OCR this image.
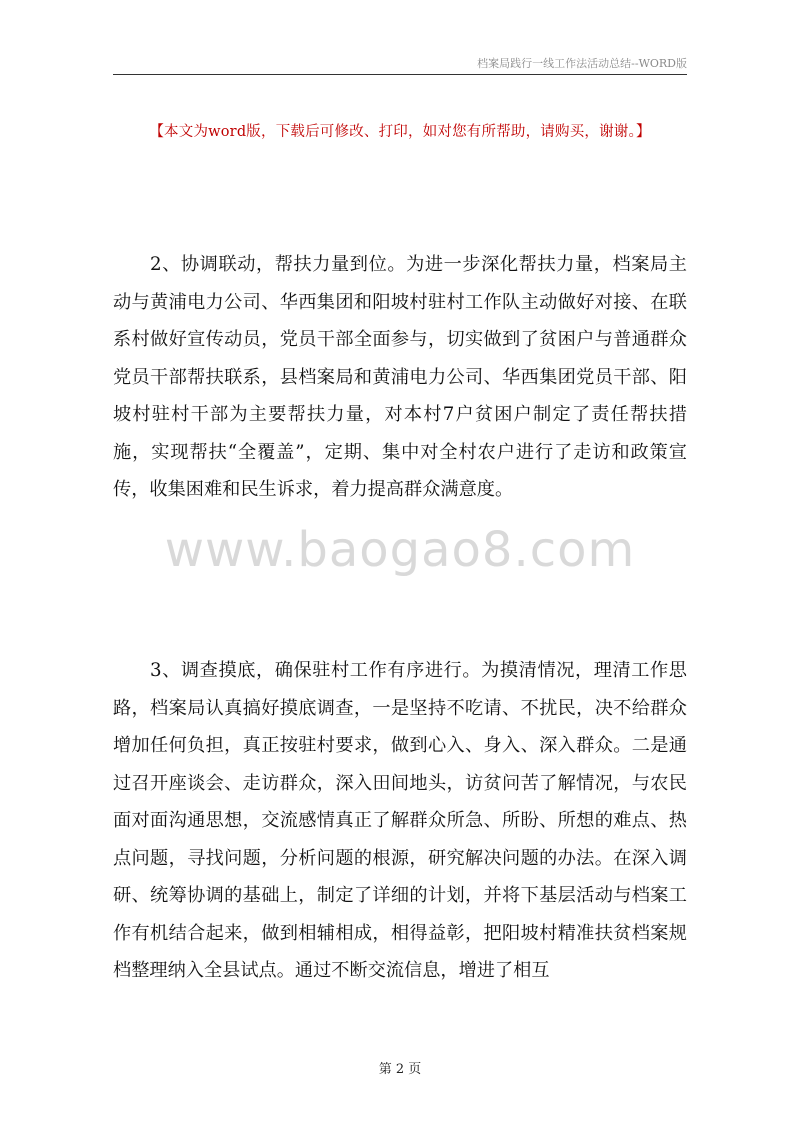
档案局践行一线工作法活动总结--WORD版
【本文为word版，下载后可修改、打印，如对您有所帮助，请购买，谢谢。】

2、协调联动，帮扶力量到位。为进一步深化帮扶力量，档案局主动与黄浦电力公司、华西集团和阳坡村驻村工作队主动做好对接、在联系村做好宣传动员，党员干部全面参与，切实做到了贫困户与普通群众党员干部帮扶联系，县档案局和黄浦电力公司、华西集团党员干部、阳坡村驻村干部为主要帮扶力量，对本村7户贫困户制定了责任帮扶措施，实现帮扶“全覆盖”，定期、集中对全村农户进行了走访和政策宣传，收集困难和民生诉求，着力提高群众满意度。

www.baogao8.com

3、调查摸底，确保驻村工作有序进行。为摸清情况，理清工作思路，档案局认真搞好摸底调查，一是坚持不吃请、不扰民，决不给群众增加任何负担，真正按驻村要求，做到心入、身入、深入群众。二是通过召开座谈会、走访群众，深入田间地头，访贫问苦了解情况，与农民面对面沟通思想，交流感情真正了解群众所急、所盼、所想的难点、热点问题，寻找问题，分析问题的根源，研究解决问题的办法。在深入调研、统筹协调的基础上，制定了详细的计划，并将下基层活动与档案工作有机结合起来，做到相辅相成，相得益彰，把阳坡村精准扶贫档案规档整理纳入全县试点。通过不断交流信息，增进了相互

第 2 页
